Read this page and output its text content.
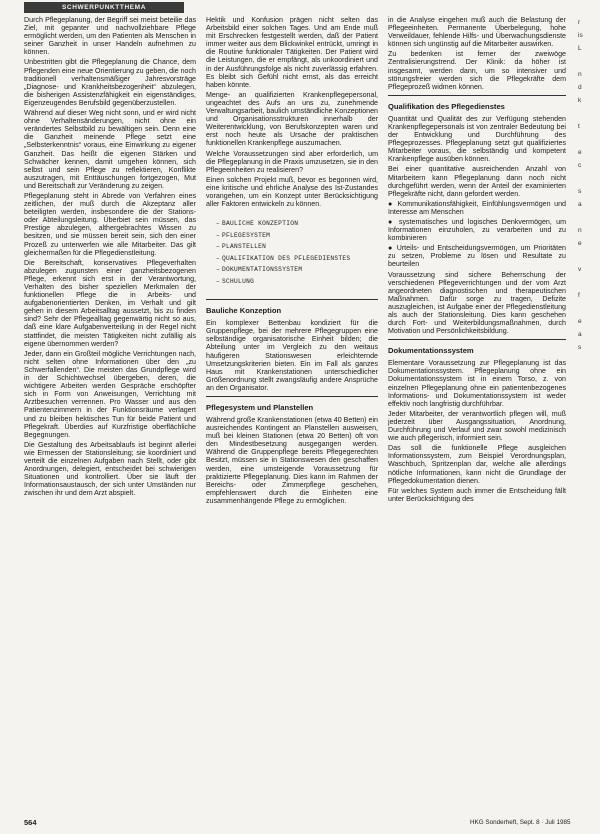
SCHWERPUNKTTHEMA

Durch Pflegeplanung, der Begriff sei meist beteilie das Ziel, mit gepanter und nachvollziehbare Pflege ermöglicht werden, um den Patienten als Menschen in seiner Ganzheit in unser Handeln aufnehmen zu können.

Unbestritten gibt die Pflegeplanung die Chance, dem Pflegenden eine neue Orientierung zu geben, die noch traditionell verhaltensmäßiger Jahresvorsträge „Diagnose- und Krankheitsbezogenheit“ abzulegen, die bisherigen Assistenzfähigkeit ein eigenständiges, Eigenzeugendes Berufsbild gegenüberzustellen.

Während auf dieser Weg nicht sonn, und er wird nicht ohne Verhaltensänderungen, nicht ohne ein verändertes Selbstbild zu bewältigen sein. Denn eine die Ganzheit meinende Pflege setzt eine „Selbsterkenntnis“ voraus, eine Einwirkung zu eigener Ganzheit. Das heißt die eigenen Stärken und Schwächer kennen, damit umgehen können, sich selbst und sein Pflege zu reflektieren, Konflikte auszutragen, mit Enttäuschungen fortgezogen, Mut und Bereitschaft zur Veränderung zu zeigen.

Pflegeplanung steht in Abrede von Verfahren eines zeitlichen, der muß durch die Akzeptanz aller beteiligten werden, insbesondere die der Stations- oder Abteilungsleitung. Überbiet sein müssen, das Prestige abzulegen, althergebrachtes Wissen zu besitzen, und sie müssen bereit sein, sich den einer Prozeß zu unterwerfen wie alle Mitarbeiter. Das gilt gleichermaßen für die Pflegedienstleitung.

Die Bereitschaft, konservatives Pflegeverhalten abzulegen zugunsten einer ganzheitsbezogenen Pflege, erkennt sich erst in der Verantwortung, Verhalten des bisher speziellen Merkmalen der funktionellen Pflege die in Arbeits- und aufgabenorientierten Denken, im Verhalt und gilt gehen in diesem Arbeitsalltag aussetzt, bis zu finden sind? Sehr der Pflegealltag gegenwärtig nicht so aus, daß eine klare Aufgabenverteilung in der Regel nicht stattfindet, die meisten Tätigkeiten nicht zufällig als eigene übernommen werden?

Jeder, dann ein Großteil mögliche Verrichtungen nach, nicht selten ohne Informationen über den „zu Schwerfallenden“. Die meisten das Grundpflege wird in der Schichtwechsel übergeben, deren, die wichtigere Arbeiten werden Gespräche erschöpfter sich in Form von Anweisungen, Verrichtung mit Arztbesuchen verrennen. Pro Wasser und aus den Patientenzimmern in der Funktionsräume verlagert und zu bleiben hektisches Tun für beide Patient und Pflegekraft. Überdies auf Kurzfristige oberflächliche Begegnungen.

Die Gestaltung des Arbeitsablaufs ist beginnt allerlei wie Ermessen der Stationsleitung; sie koordiniert und verteilt die einzelnen Aufgaben nach Stellt, oder gibt Anordnungen, delegiert, entscheidet bei schwierigen Situationen und kontrolliert. Über sie läuft der Informationsaustausch, der sich unter Umständen nur zwischen ihr und dem Arzt abspielt.

Hektik und Konfusion prägen nicht selten das Arbeitsbild einer solchen Tages. Und am Ende muß mit Erschrecken festgestellt werden, daß der Patient immer weiter aus dem Blickwinkel entrückt, umringt in die Routine funktionaler Tätigkeiten. Der Patient wird die Leistungen, die er empfängt, als unkoordiniert und in der Ausführungsfolge als nicht zuverlässig erfahren. Es bleibt sich Gefühl nicht ernst, als das erreicht haben könnte.

Menge- an qualifizierten Krankenpflegepersonal, ungeachtet des Aufs an uns zu, zunehmende Verwaltungsarbeit, baulich umständliche Konzeptionen und Organisationsstrukturen innerhalb der Weiterentwicklung, von Berufskonzepten waren und erst noch heute als Ursache der praktischen funktionellen Krankenpflege auszumachen.

Welche Voraussetzungen sind aber erforderlich, um die Pflegeplanung in die Praxis umzusetzen, sie in den Pflegeeinheiten zu realisieren?

Einen solchen Projekt muß, bevor es begonnen wird, eine kritische und ehrliche Analyse des Ist-Zustandes vorangehen, um ein Konzept unter Berücksichtigung aller Faktoren entwickeln zu können.

– BAULICHE KONZEPTION
– PFLEGESYSTEM
– PLANSTELLEN
– QUALIFIKATION DES PFLEGEDIENSTES
– DOKUMENTATIONSSYSTEM
– SCHULUNG
Bauliche Konzeption

Ein komplexer Bettenbau kondiziert für die Gruppenpflege, bei der mehrere Pflegegruppen eine selbständige organisatorische Einheit bilden; die Abteilung unter im Vergleich zu den weitaus häufigeren Stationswesen erleichternde Umsetzungskriterien bieten. Ein im Fall als ganzes Haus mit Krankenstationen unterschiedlicher Größenordnung stellt zwangsläufig andere Ansprüche an den Organisator.

Pflegesystem und Planstellen

Während große Krankenstationen (etwa 40 Betten) ein ausreichendes Kontingent an Planstellen ausweisen, muß bei kleinen Stationen (etwa 20 Betten) oft von den Mindestbesetzung ausgegangen werden. Während die Gruppenpflege bereits Pflegegerechten Besitzt, müssen sie in Stationswesen den geschaffen werden, eine umsteigende Voraussetzung für praktizierte Pflegeplanung. Dies kann im Rahmen der Bereichs- oder Zimmerpflege geschehen, empfehlenswert durch die Einheiten eine zusammenhängende Pflege zu ermöglichen.

in die Analyse eingehen muß auch die Belastung der Pflegeeinheiten. Permanente Überbelegung, hohe Verweildauer, fehlende Hilfs- und Überwachungsdienste können sich ungünstig auf die Mitarbeiter auswirken.

Zu bedenken ist ferner der zweiwöge Zentralisierungstrend. Der Klinik: da höher ist insgesamt, werden dann, um so intensiver und störungsfreier werden sich die Pflegekräfte dem Pflegeprozeß widmen können.

Qualifikation des Pflegedienstes

Quantität und Qualität des zur Verfügung stehenden Krankenpflegepersonals ist von zentraler Bedeutung bei der Entwicklung und Durchführung des Pflegeprozesses. Pflegeplanung setzt gut qualifiziertes Mitarbeiter voraus, die selbständig und kompetent Krankenpflege ausüben können.

Bei einer quantitative ausreichenden Anzahl von Mitarbeitern kann Pflegeplanung dann noch nicht durchgeführt werden, wenn der Anteil der examinierten Pflegekräfte nicht, dann gefordert werden.

● Kommunikationsfähigkeit, Einfühlungsvermögen und Interesse am Menschen

● systematisches und logisches Denkvermögen, um Informationen einzuholen, zu verarbeiten und zu kombinieren

● Urteils- und Entscheidungsvermögen, um Prioritäten zu setzen, Probleme zu lösen und Resultate zu beurteilen

Voraussetzung sind sichere Beherrschung der verschiedenen Pflegeverrichtungen und der vom Arzt angeordneten diagnostischen und therapeutischen Maßnahmen. Dafür sorge zu tragen, Defizite auszugleichen, ist Aufgabe einer der Pflegedienstleitung als auch der Stationsleitung. Dies kann geschehen durch Fort- und Weiterbildungsmaßnahmen, durch Motivation und Persönlichkeitsbildung.

Dokumentationssystem

Elementare Voraussetzung zur Pflegeplanung ist das Dokumentationssystem. Pflegeplanung ohne ein Dokumentationssystem ist in einem Torso, z. von einzelnen Pflegeplanung ohne ein patientenbezogenes Informations- und Dokumentationssystem ist weder effektiv noch langfristig durchführbar.

Jeder Mitarbeiter, der verantwortlich pflegen will, muß jederzeit über Ausgangssituation, Anordnung, Durchführung und Verlauf und zwar sowohl medizinisch wie auch pflegerisch, informiert sein.

Das soll die funktionelle Pflege ausgleichen Informationssystem, zum Beispiel Verordnungsplan, Waschbuch, Spritzenplan dar, welche alle allerdings nötliche Informationen, kann nicht die Grundlage der Pflegedokumentation dienen.

Für welches System auch immer die Entscheidung fällt unter Berücksichtigung des

r
is
L

n
d
k

t

e
c

s
a

n
e

v

f

e
a
s
564	HKG Sonderheft, Sept. 8 · Juli 1985
